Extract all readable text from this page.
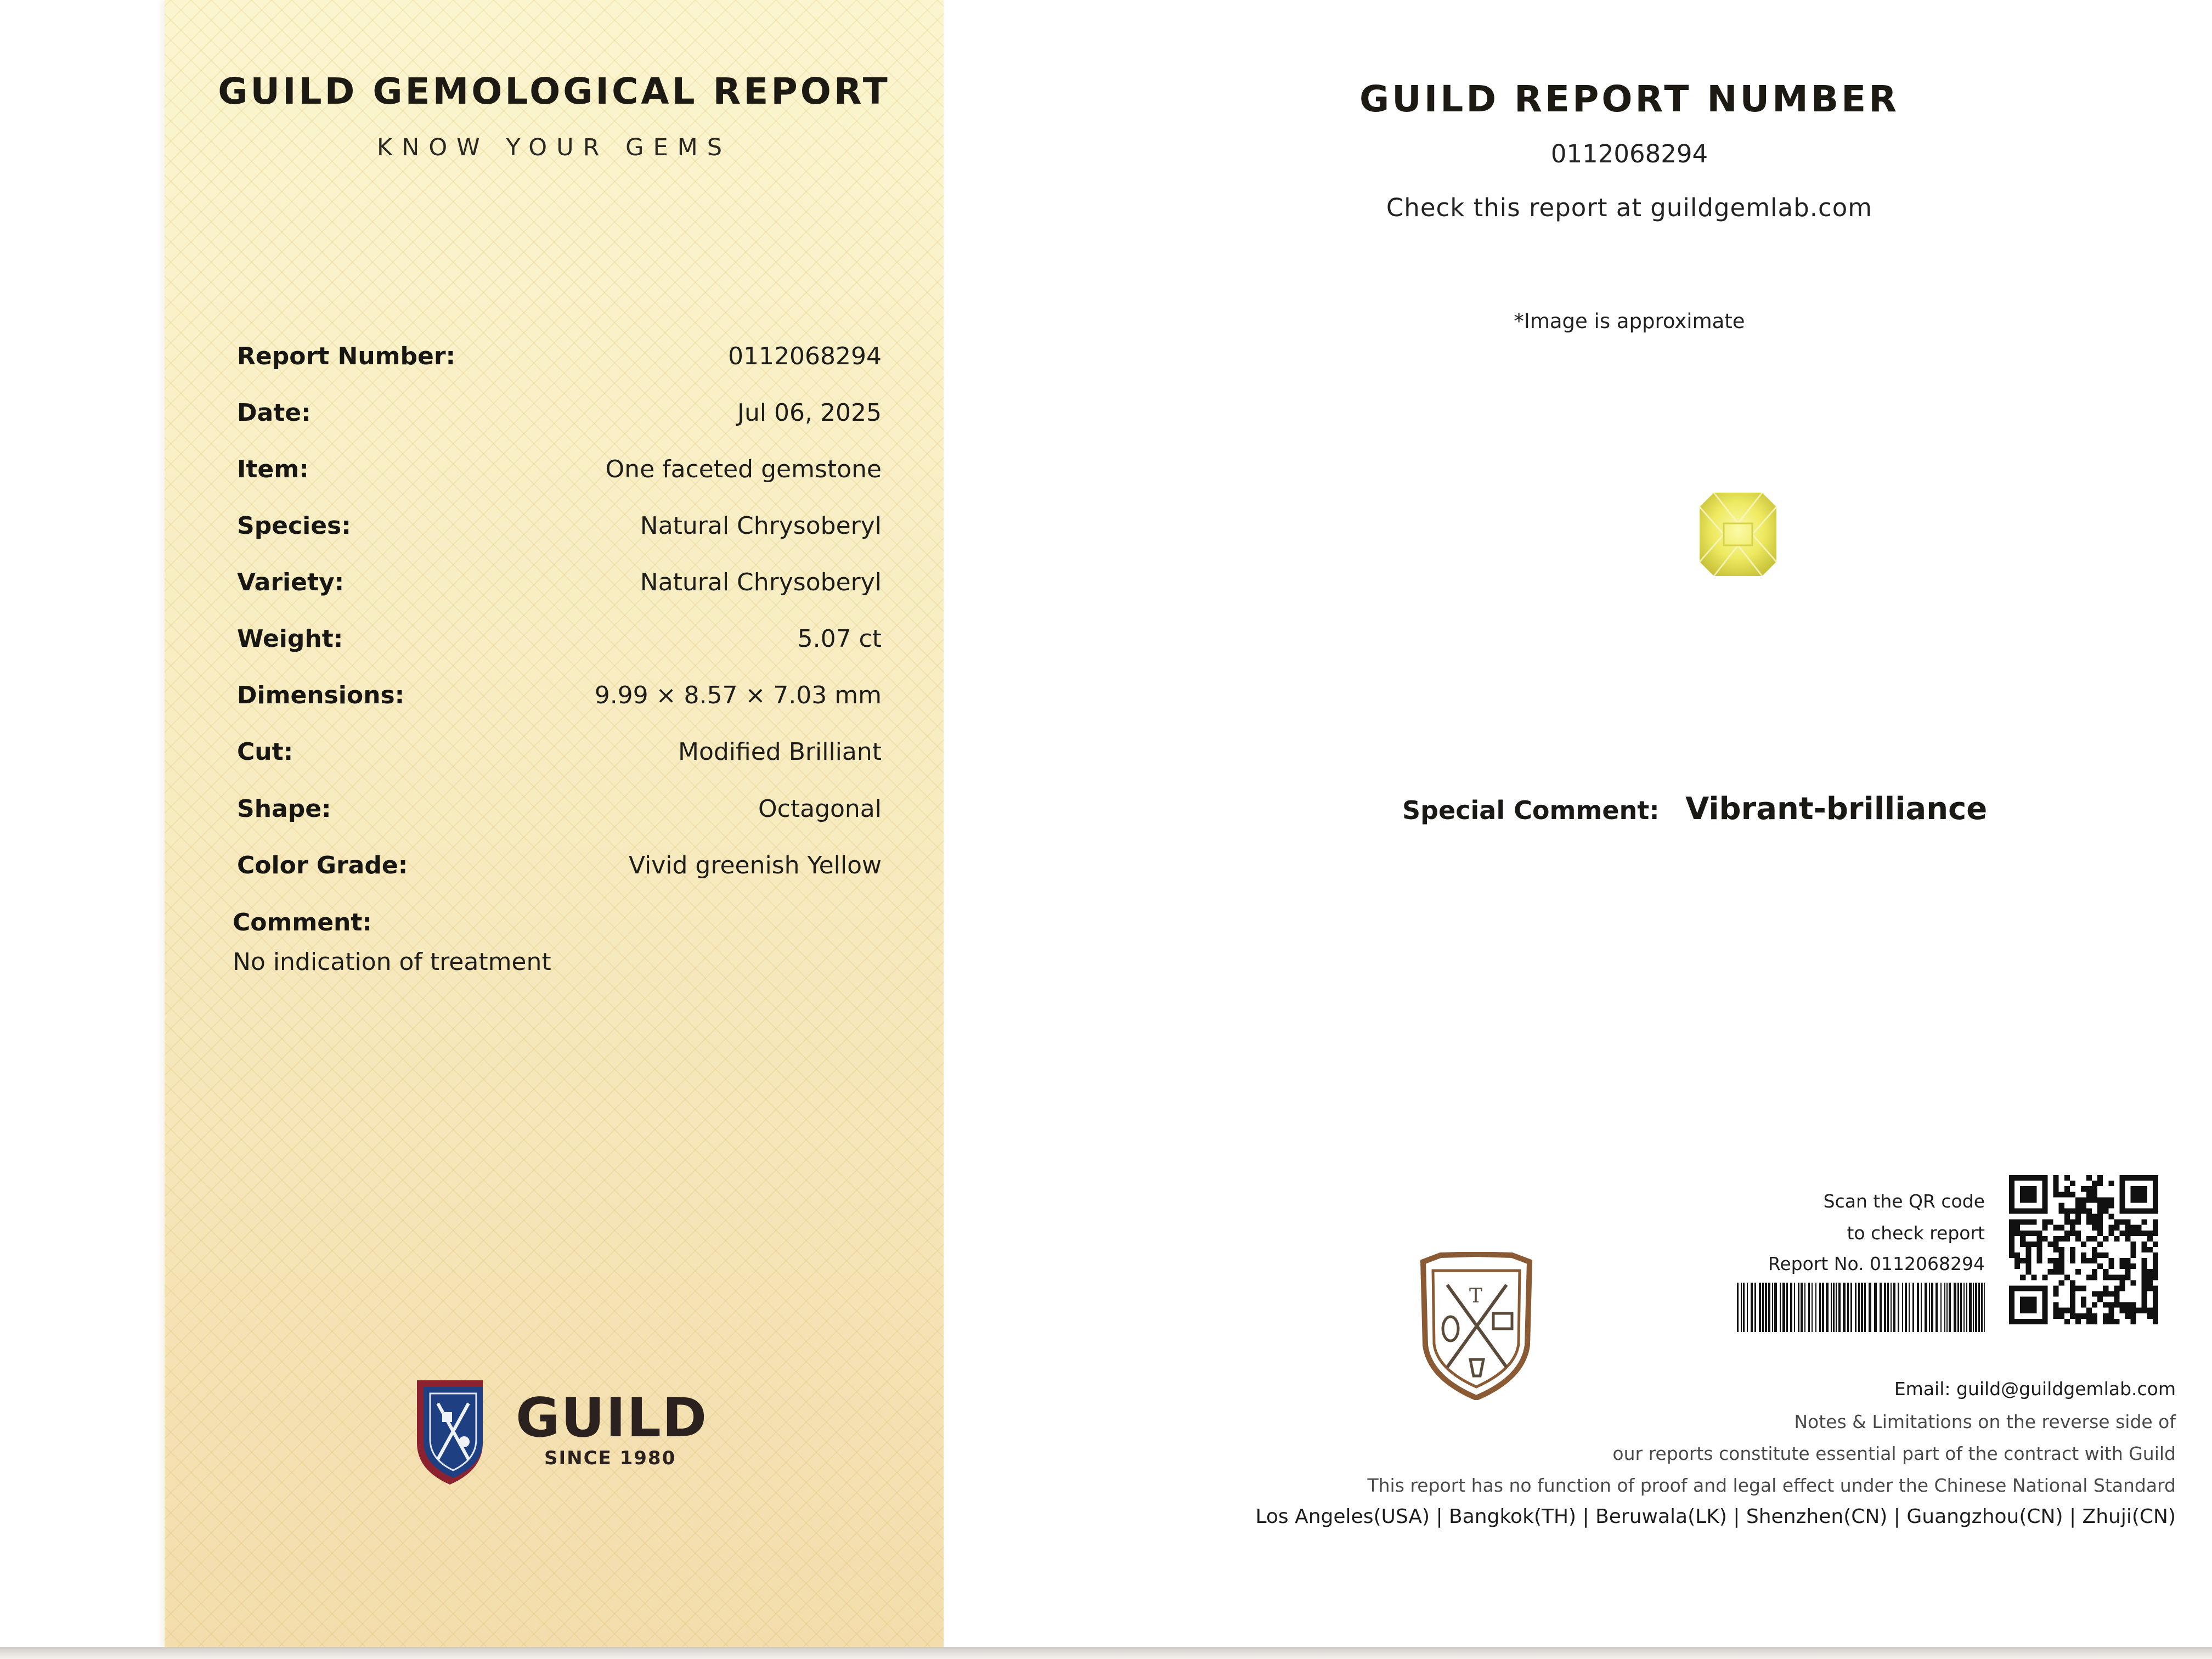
GUILD GEMOLOGICAL REPORT
KNOW YOUR GEMS
Report Number:	0112068294
Date:	Jul 06, 2025
Item:	One faceted gemstone
Species:	Natural Chrysoberyl
Variety:	Natural Chrysoberyl
Weight:	5.07 ct
Dimensions:	9.99 × 8.57 × 7.03 mm
Cut:	Modified Brilliant
Shape:	Octagonal
Color Grade:	Vivid greenish Yellow
Comment:
No indication of treatment
GUILD
SINCE 1980
GUILD REPORT NUMBER
0112068294
Check this report at guildgemlab.com
*Image is approximate
Special Comment: Vibrant-brilliance
T
Scan the QR code
to check report
Report No. 0112068294
Email: guild@guildgemlab.com
Notes & Limitations on the reverse side of
our reports constitute essential part of the contract with Guild
This report has no function of proof and legal effect under the Chinese National Standard
Los Angeles(USA) | Bangkok(TH) | Beruwala(LK) | Shenzhen(CN) | Guangzhou(CN) | Zhuji(CN)
